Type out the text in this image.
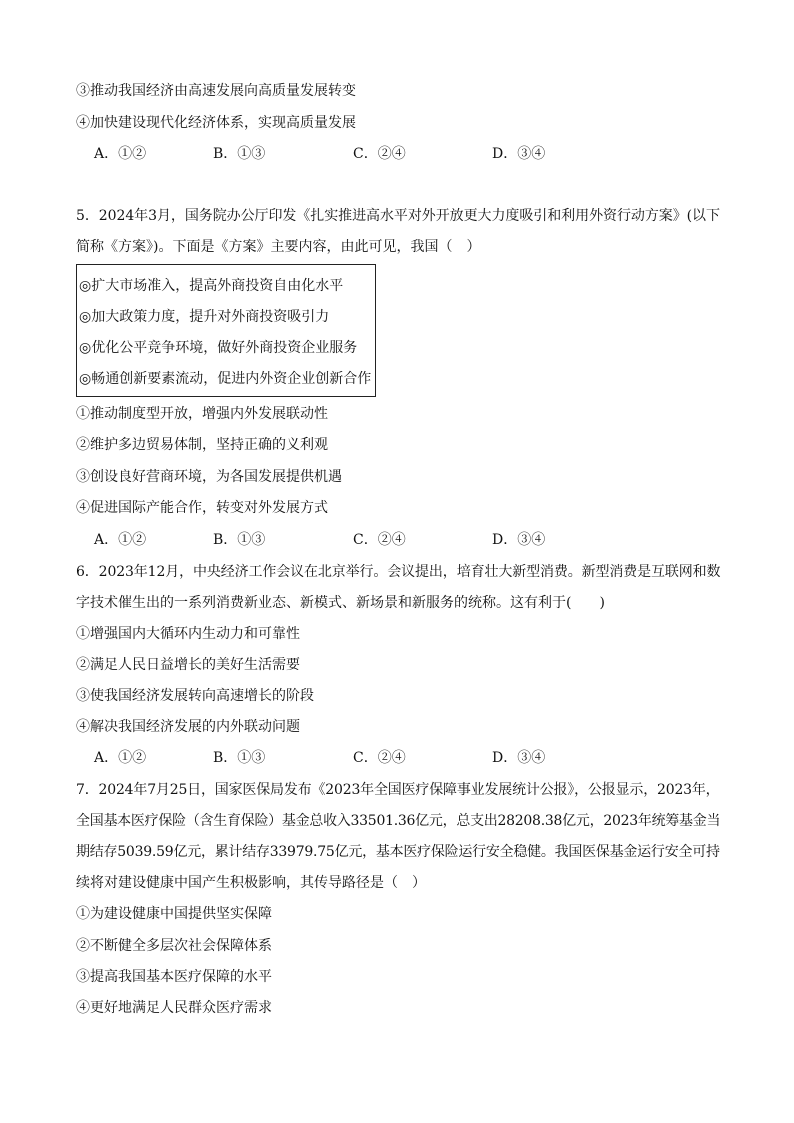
③推动我国经济由高速发展向高质量发展转变
④加快建设现代化经济体系，实现高质量发展
A．①②	B．①③	C．②④	D．③④
5．2024年3月，国务院办公厅印发《扎实推进高水平对外开放更大力度吸引和利用外资行动方案》(以下
简称《方案》)。下面是《方案》主要内容，由此可见，我国（　）
◎扩大市场准入，提高外商投资自由化水平
◎加大政策力度，提升对外商投资吸引力
◎优化公平竞争环境，做好外商投资企业服务
◎畅通创新要素流动，促进内外资企业创新合作
①推动制度型开放，增强内外发展联动性
②维护多边贸易体制，坚持正确的义利观
③创设良好营商环境，为各国发展提供机遇
④促进国际产能合作，转变对外发展方式
A．①②	B．①③	C．②④	D．③④
6．2023年12月，中央经济工作会议在北京举行。会议提出，培育壮大新型消费。新型消费是互联网和数
字技术催生出的一系列消费新业态、新模式、新场景和新服务的统称。这有利于(　　)
①增强国内大循环内生动力和可靠性
②满足人民日益增长的美好生活需要
③使我国经济发展转向高速增长的阶段
④解决我国经济发展的内外联动问题
A．①②	B．①③	C．②④	D．③④
7．2024年7月25日，国家医保局发布《2023年全国医疗保障事业发展统计公报》，公报显示，2023年，
全国基本医疗保险（含生育保险）基金总收入33501.36亿元，总支出28208.38亿元，2023年统筹基金当
期结存5039.59亿元，累计结存33979.75亿元，基本医疗保险运行安全稳健。我国医保基金运行安全可持
续将对建设健康中国产生积极影响，其传导路径是（　）
①为建设健康中国提供坚实保障
②不断健全多层次社会保障体系
③提高我国基本医疗保障的水平
④更好地满足人民群众医疗需求
